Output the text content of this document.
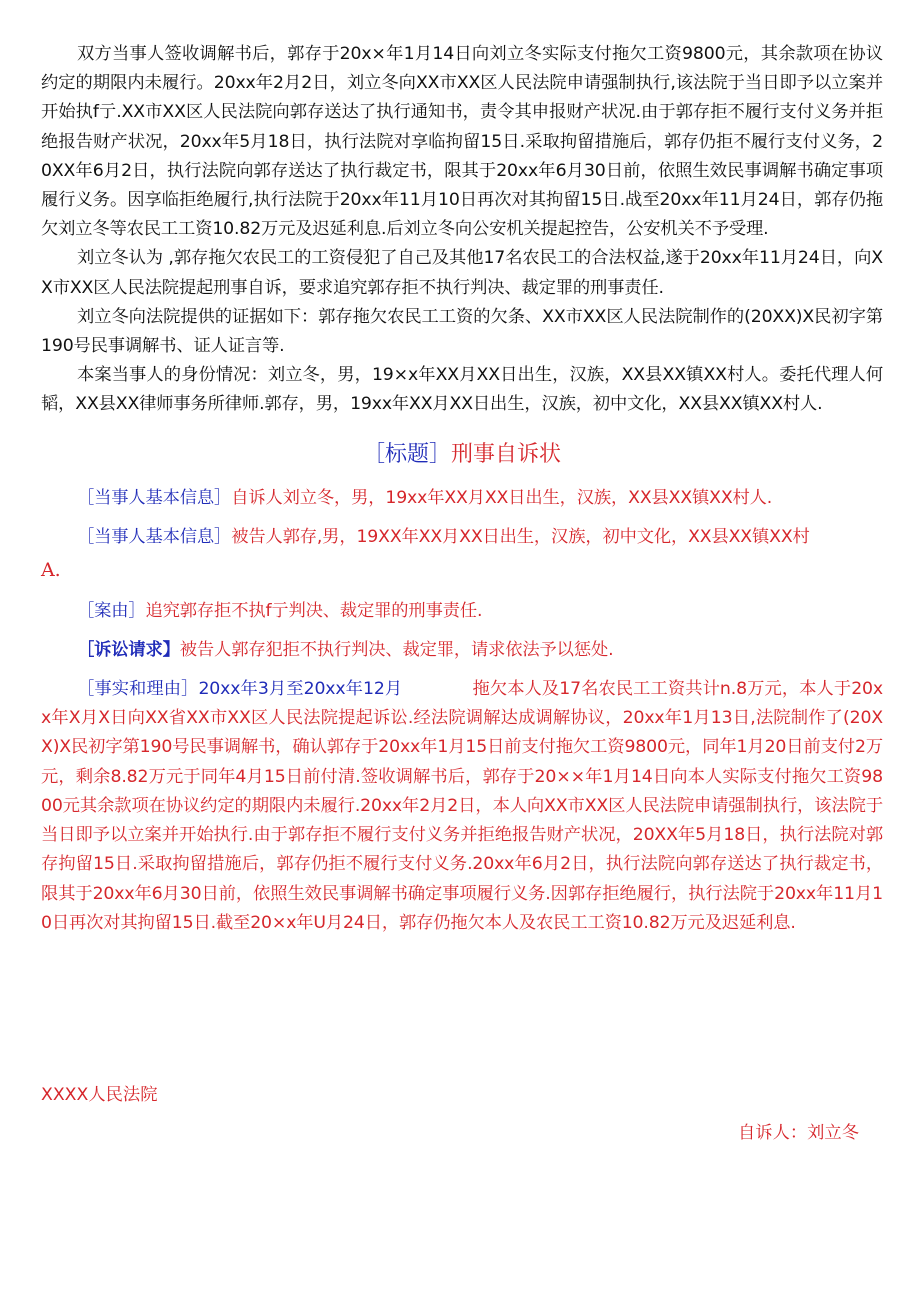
双方当事人签收调解书后，郭存于20x×年1月14日向刘立冬实际支付拖欠工资9800元，其余款项在协议约定的期限内未履行。20xx年2月2日，刘立冬向XX市XX区人民法院申请强制执行,该法院于当日即予以立案并开始执f亍.XX市XX区人民法院向郭存送达了执行通知书，责令其申报财产状况.由于郭存拒不履行支付义务并拒绝报告财产状况，20xx年5月18日，执行法院对享临拘留15日.采取拘留措施后，郭存仍拒不履行支付义务，20XX年6月2日，执行法院向郭存送达了执行裁定书，限其于20xx年6月30日前，依照生效民事调解书确定事项履行义务。因享临拒绝履行,执行法院于20xx年11月10日再次对其拘留15日.战至20xx年11月24日，郭存仍拖欠刘立冬等农民工工资10.82万元及迟延利息.后刘立冬向公安机关提起控告，公安机关不予受理.

刘立冬认为 ,郭存拖欠农民工的工资侵犯了自己及其他17名农民工的合法权益,遂于20xx年11月24日，向XX市XX区人民法院提起刑事自诉，要求追究郭存拒不执行判决、裁定罪的刑事责任.

刘立冬向法院提供的证据如下：郭存拖欠农民工工资的欠条、XX市XX区人民法院制作的(20XX)X民初字第190号民事调解书、证人证言等.

本案当事人的身份情况：刘立冬，男，19×x年XX月XX日出生，汉族，XX县XX镇XX村人。委托代理人何韬，XX县XX律师事务所律师.郭存，男，19xx年XX月XX日出生，汉族，初中文化，XX县XX镇XX村人.

［标题］刑事自诉状

［当事人基本信息］自诉人刘立冬，男，19xx年XX月XX日出生，汉族，XX县XX镇XX村人.

［当事人基本信息］被告人郭存,男，19XX年XX月XX日出生，汉族，初中文化，XX县XX镇XX村

A.

［案由］追究郭存拒不执f亍判决、裁定罪的刑事责任.

［诉讼请求】被告人郭存犯拒不执行判决、裁定罪，请求依法予以惩处.

［事实和理由］20xx年3月至20xx年12月	拖欠本人及17名农民工工资共计n.8万元，本人于20xx年X月X日向XX省XX市XX区人民法院提起诉讼.经法院调解达成调解协议，20xx年1月13日,法院制作了(20XX)X民初字第190号民事调解书，确认郭存于20xx年1月15日前支付拖欠工资9800元，同年1月20日前支付2万元，剩余8.82万元于同年4月15日前付清.签收调解书后，郭存于20××年1月14日向本人实际支付拖欠工资9800元其余款项在协议约定的期限内未履行.20xx年2月2日，本人向XX市XX区人民法院申请强制执行，该法院于当日即予以立案并开始执行.由于郭存拒不履行支付义务并拒绝报告财产状况，20XX年5月18日，执行法院对郭存拘留15日.采取拘留措施后，郭存仍拒不履行支付义务.20xx年6月2日，执行法院向郭存送达了执行裁定书，限其于20xx年6月30日前，依照生效民事调解书确定事项履行义务.因郭存拒绝履行，执行法院于20xx年11月10日再次对其拘留15日.截至20×x年U月24日，郭存仍拖欠本人及农民工工资10.82万元及迟延利息.

XXXX人民法院
自诉人：刘立冬
